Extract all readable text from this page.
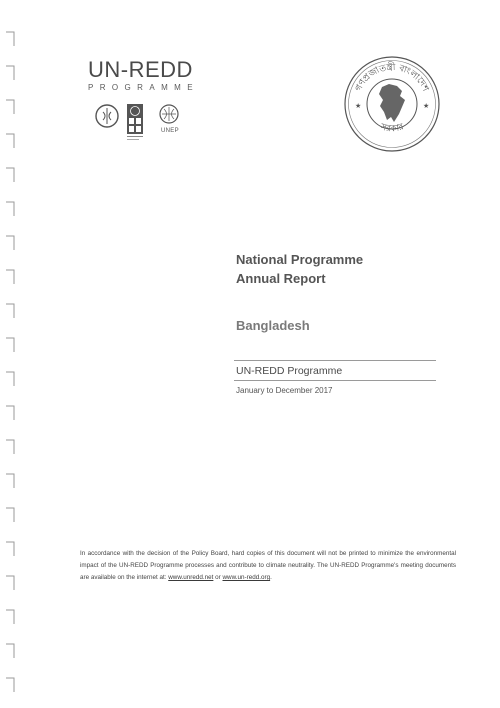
UN-REDD
PROGRAMME
UNEP
গণপ্রজাতন্ত্রী বাংলাদেশ
সরকার
★	★
National Programme
Annual Report
Bangladesh
UN-REDD Programme
January to December 2017
In accordance with the decision of the Policy Board, hard copies of this document will not be printed to minimize the environmental impact of the UN-REDD Programme processes and contribute to climate neutrality. The UN-REDD Programme's meeting documents are available on the internet at: www.unredd.net or www.un-redd.org.
